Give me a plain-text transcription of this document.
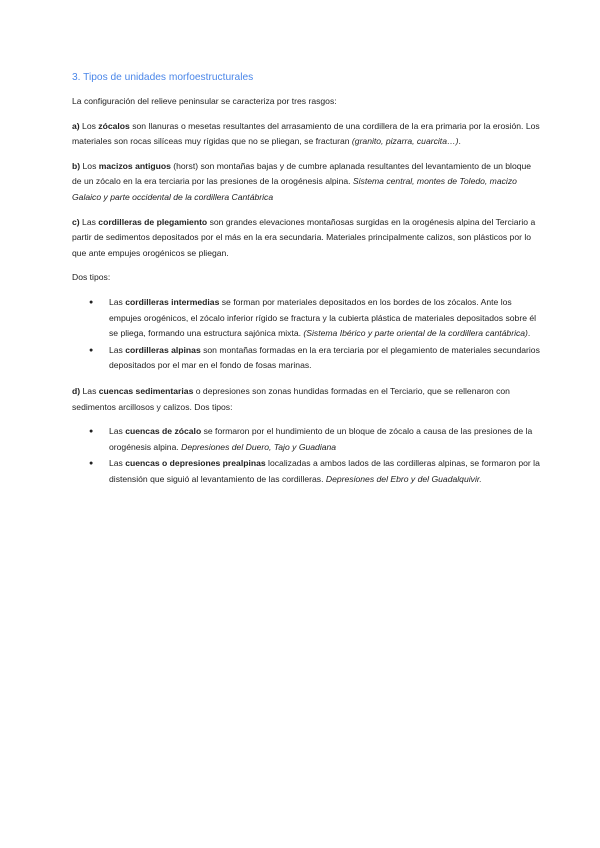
3. Tipos de unidades morfoestructurales

La configuración del relieve peninsular se caracteriza por tres rasgos:

a) Los zócalos son llanuras o mesetas resultantes del arrasamiento de una cordillera de la era primaria por la erosión. Los materiales son rocas silíceas muy rígidas que no se pliegan, se fracturan (granito, pizarra, cuarcita…).

b) Los macizos antiguos (horst) son montañas bajas y de cumbre aplanada resultantes del levantamiento de un bloque de un zócalo en la era terciaria por las presiones de la orogénesis alpina. Sistema central, montes de Toledo, macizo Galaico y parte occidental de la cordillera Cantábrica

c) Las cordilleras de plegamiento son grandes elevaciones montañosas surgidas en la orogénesis alpina del Terciario a partir de sedimentos depositados por el más en la era secundaria. Materiales principalmente calizos, son plásticos por lo que ante empujes orogénicos se pliegan.

Dos tipos:

● Las cordilleras intermedias se forman por materiales depositados en los bordes de los zócalos. Ante los empujes orogénicos, el zócalo inferior rígido se fractura y la cubierta plástica de materiales depositados sobre él se pliega, formando una estructura sajónica mixta. (Sistema Ibérico y parte oriental de la cordillera cantábrica).
● Las cordilleras alpinas son montañas formadas en la era terciaria por el plegamiento de materiales secundarios depositados por el mar en el fondo de fosas marinas.

d) Las cuencas sedimentarias o depresiones son zonas hundidas formadas en el Terciario, que se rellenaron con sedimentos arcillosos y calizos. Dos tipos:

● Las cuencas de zócalo se formaron por el hundimiento de un bloque de zócalo a causa de las presiones de la orogénesis alpina. Depresiones del Duero, Tajo y Guadiana
● Las cuencas o depresiones prealpinas localizadas a ambos lados de las cordilleras alpinas, se formaron por la distensión que siguió al levantamiento de las cordilleras. Depresiones del Ebro y del Guadalquivir.
